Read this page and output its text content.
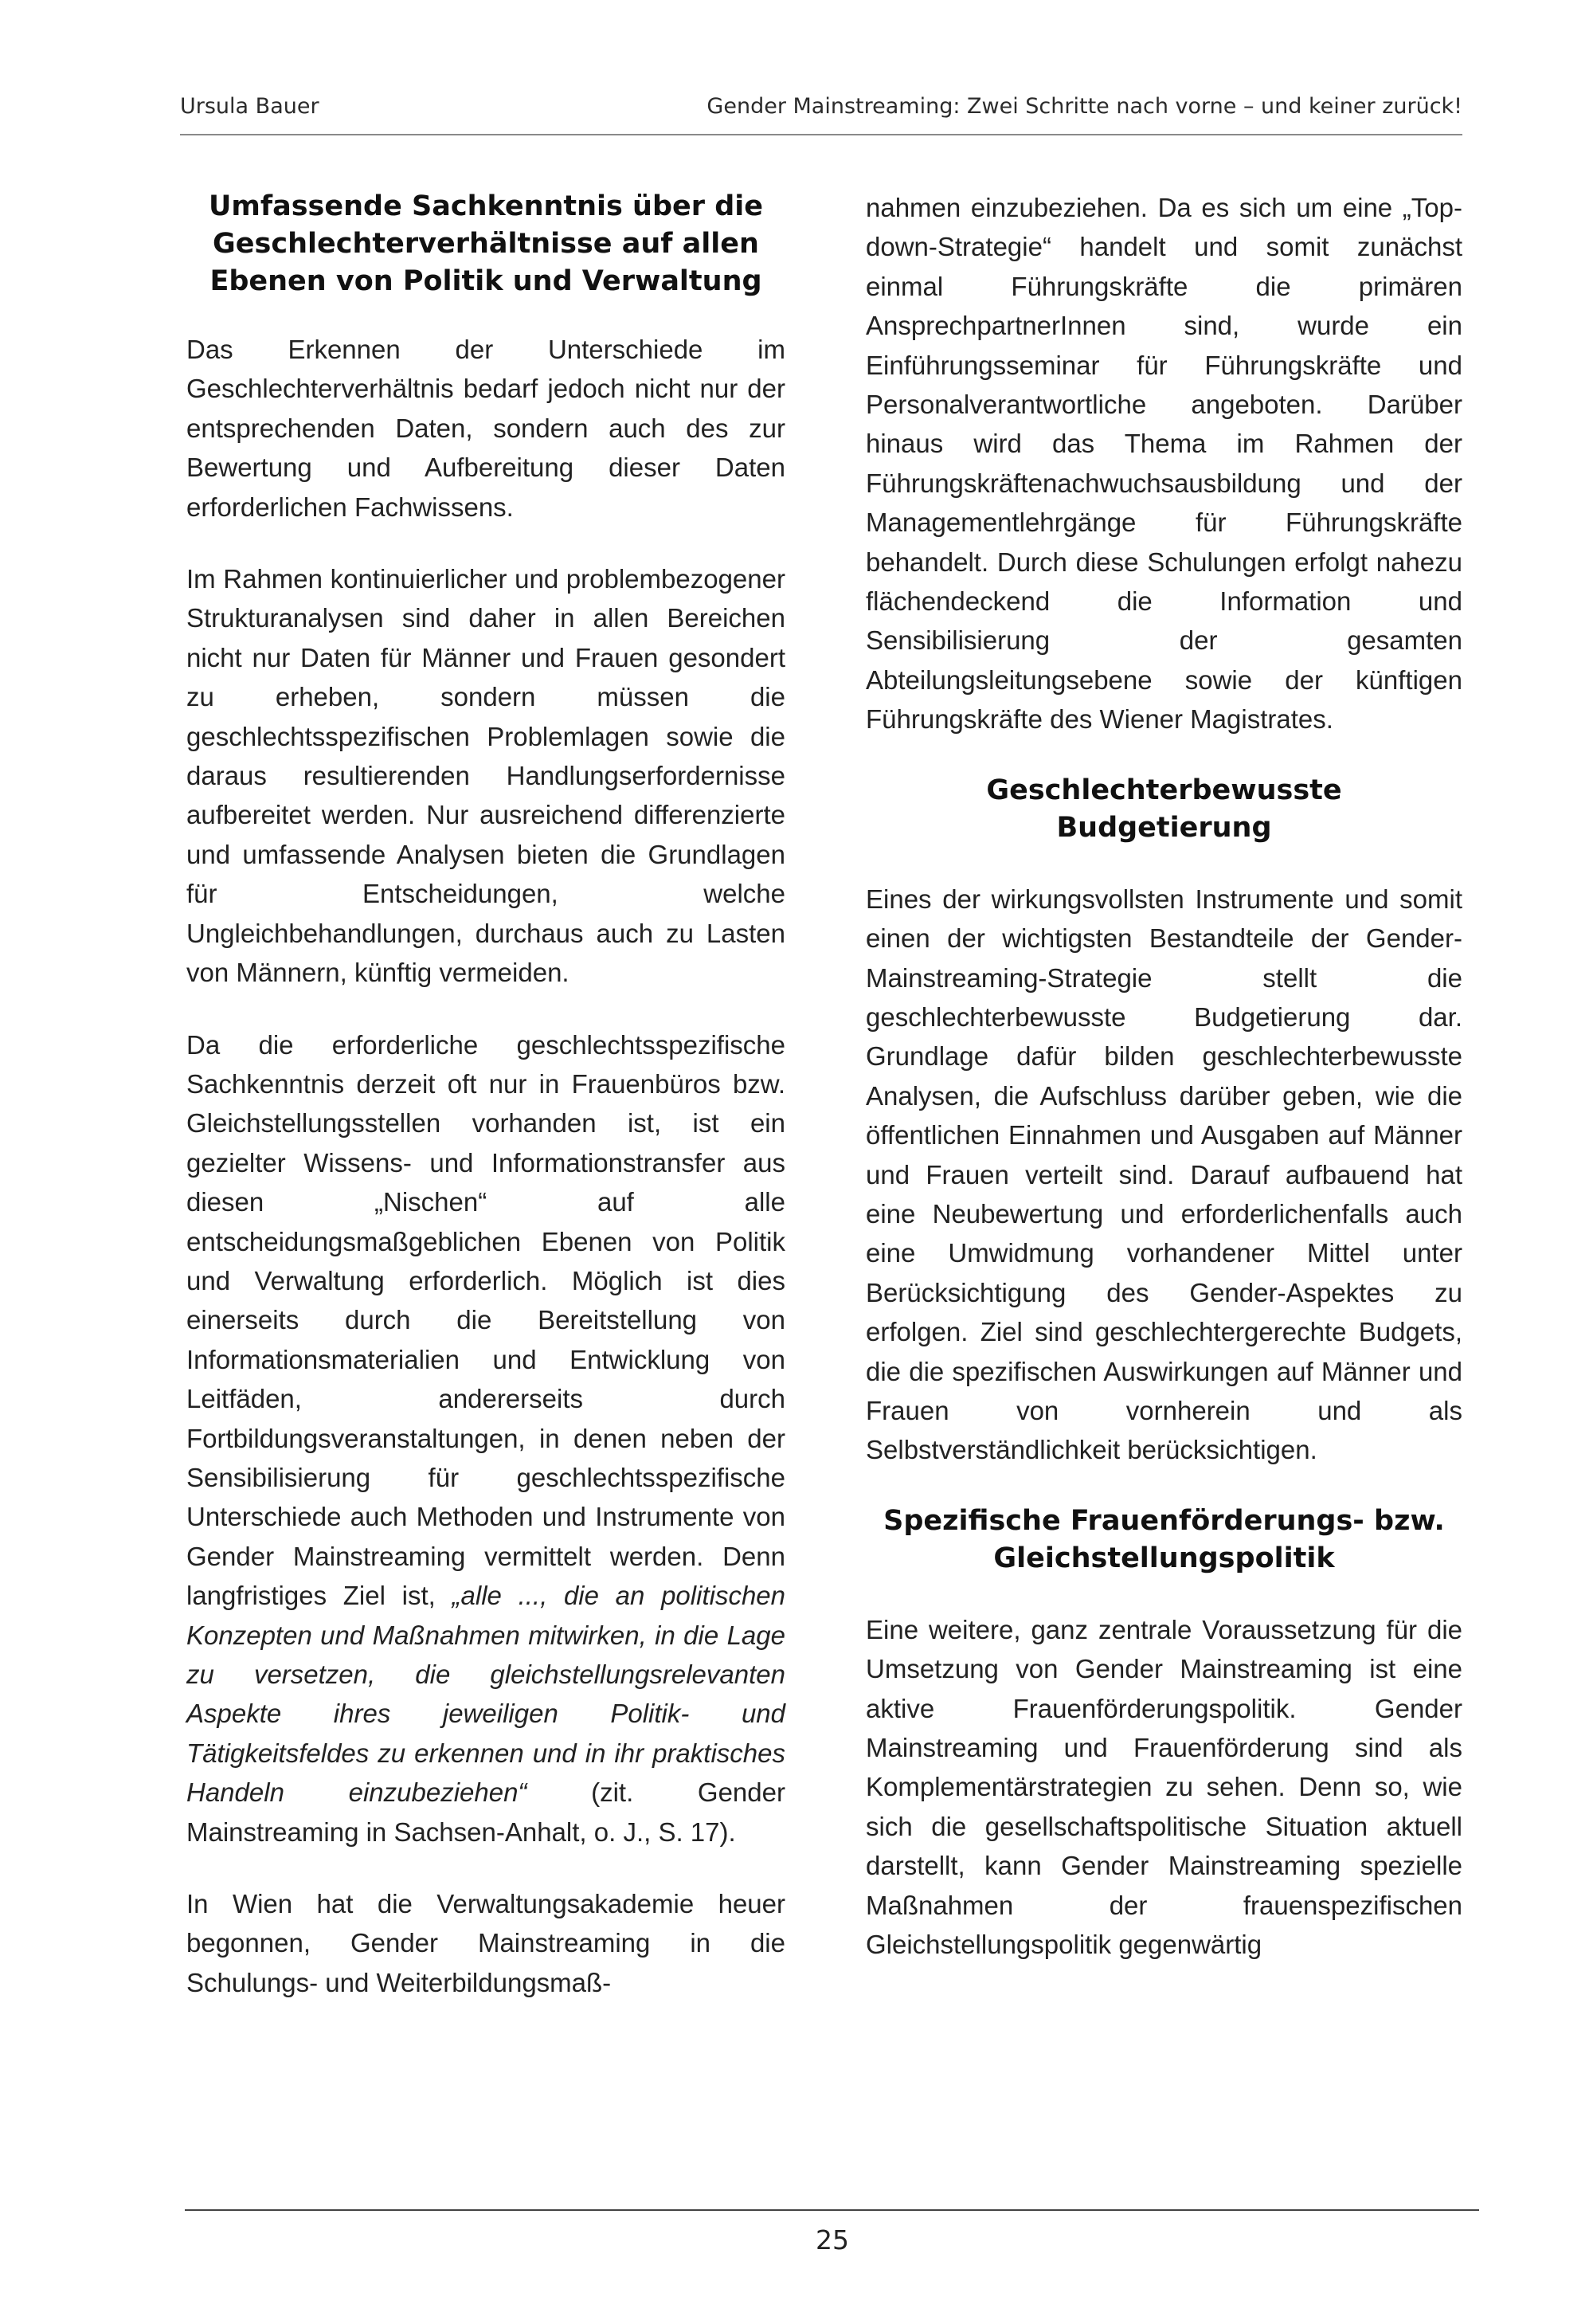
Ursula Bauer	Gender Mainstreaming: Zwei Schritte nach vorne – und keiner zurück!
Umfassende Sachkenntnis über die Geschlechterverhältnisse auf allen Ebenen von Politik und Verwaltung

Das Erkennen der Unterschiede im Geschlechterverhältnis bedarf jedoch nicht nur der entsprechenden Daten, sondern auch des zur Bewertung und Aufbereitung dieser Daten erforderlichen Fachwissens.

Im Rahmen kontinuierlicher und problembezogener Strukturanalysen sind daher in allen Bereichen nicht nur Daten für Männer und Frauen gesondert zu erheben, sondern müssen die geschlechtsspezifischen Problemlagen sowie die daraus resultierenden Handlungserfordernisse aufbereitet werden. Nur ausreichend differenzierte und umfassende Analysen bieten die Grundlagen für Entscheidungen, welche Ungleichbehandlungen, durchaus auch zu Lasten von Männern, künftig vermeiden.

Da die erforderliche geschlechtsspezifische Sachkenntnis derzeit oft nur in Frauenbüros bzw. Gleichstellungsstellen vorhanden ist, ist ein gezielter Wissens- und Informationstransfer aus diesen „Nischen“ auf alle entscheidungsmaßgeblichen Ebenen von Politik und Verwaltung erforderlich. Möglich ist dies einerseits durch die Bereitstellung von Informationsmaterialien und Entwicklung von Leitfäden, andererseits durch Fortbildungsveranstaltungen, in denen neben der Sensibilisierung für geschlechtsspezifische Unterschiede auch Methoden und Instrumente von Gender Mainstreaming vermittelt werden. Denn langfristiges Ziel ist, „alle ..., die an politischen Konzepten und Maßnahmen mitwirken, in die Lage zu versetzen, die gleichstellungsrelevanten Aspekte ihres jeweiligen Politik- und Tätigkeitsfeldes zu erkennen und in ihr praktisches Handeln einzubeziehen“ (zit. Gender Mainstreaming in Sachsen-Anhalt, o. J., S. 17).

In Wien hat die Verwaltungsakademie heuer begonnen, Gender Mainstreaming in die Schulungs- und Weiterbildungsmaß-

nahmen einzubeziehen. Da es sich um eine „Top-down-Strategie“ handelt und somit zunächst einmal Führungskräfte die primären AnsprechpartnerInnen sind, wurde ein Einführungsseminar für Führungskräfte und Personalverantwortliche angeboten. Darüber hinaus wird das Thema im Rahmen der Führungskräftenachwuchsausbildung und der Managementlehrgänge für Führungskräfte behandelt. Durch diese Schulungen erfolgt nahezu flächendeckend die Information und Sensibilisierung der gesamten Abteilungsleitungsebene sowie der künftigen Führungskräfte des Wiener Magistrates.

Geschlechterbewusste Budgetierung

Eines der wirkungsvollsten Instrumente und somit einen der wichtigsten Bestandteile der Gender-Mainstreaming-Strategie stellt die geschlechterbewusste Budgetierung dar. Grundlage dafür bilden geschlechterbewusste Analysen, die Aufschluss darüber geben, wie die öffentlichen Einnahmen und Ausgaben auf Männer und Frauen verteilt sind. Darauf aufbauend hat eine Neubewertung und erforderlichenfalls auch eine Umwidmung vorhandener Mittel unter Berücksichtigung des Gender-Aspektes zu erfolgen. Ziel sind geschlechtergerechte Budgets, die die spezifischen Auswirkungen auf Männer und Frauen von vornherein und als Selbstverständlichkeit berücksichtigen.

Spezifische Frauenförderungs- bzw. Gleichstellungspolitik

Eine weitere, ganz zentrale Voraussetzung für die Umsetzung von Gender Mainstreaming ist eine aktive Frauenförderungspolitik. Gender Mainstreaming und Frauenförderung sind als Komplementärstrategien zu sehen. Denn so, wie sich die gesellschaftspolitische Situation aktuell darstellt, kann Gender Mainstreaming spezielle Maßnahmen der frauenspezifischen Gleichstellungspolitik gegenwärtig

25
